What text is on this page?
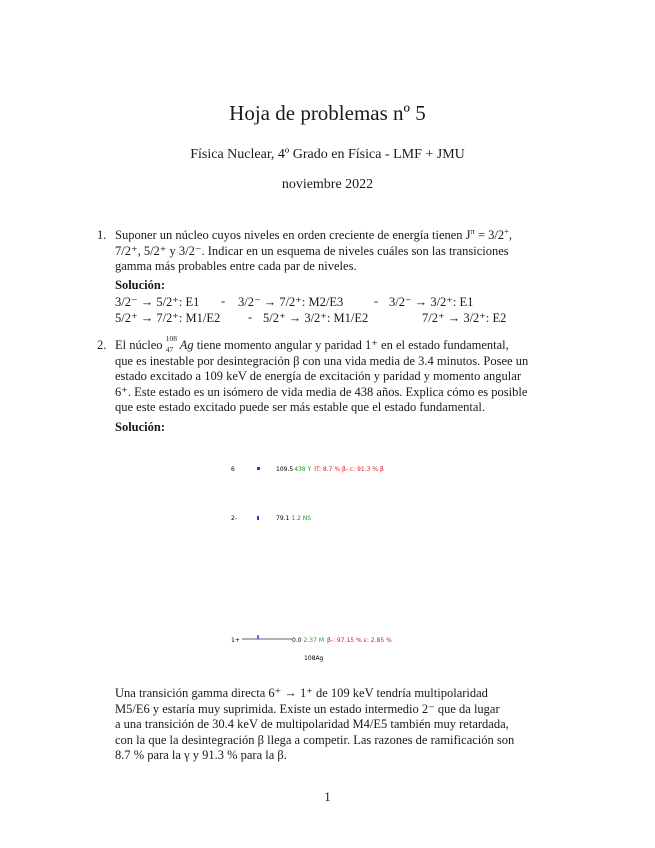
Hoja de problemas nº 5
Física Nuclear, 4º Grado en Física - LMF + JMU
noviembre 2022
1. Suponer un núcleo cuyos niveles en orden creciente de energía tienen $J^\pi = 3/2^+$,
7/2⁺, 5/2⁺ y 3/2⁻. Indicar en un esquema de niveles cuáles son las transiciones
gamma más probables entre cada par de niveles.
Solución:
3/2⁻ → 5/2⁺: E1 - 3/2⁻ → 7/2⁺: M2/E3 - 3/2⁻ → 3/2⁺: E1
5/2⁺ → 7/2⁺: M1/E2 - 5/2⁺ → 3/2⁺: M1/E2	7/2⁺ → 3/2⁺: E2
2. El núcleo 108
47 Ag tiene momento angular y paridad 1⁺ en el estado fundamental,
que es inestable por desintegración β con una vida media de 3.4 minutos. Posee un
estado excitado a 109 keV de energía de excitación y paridad y momento angular
6⁺. Este estado es un isómero de vida media de 438 años. Explica cómo es posible
que este estado excitado puede ser más estable que el estado fundamental.
Solución:
6	109.5438 Y IT: 8.7 % β- c: 91.3 % β
2-	79.1 1.2 NS
1+	0.0 2.37 M β-: 97.15 % ε: 2.85 %
108Ag
Una transición gamma directa 6⁺ → 1⁺ de 109 keV tendría multipolaridad
M5/E6 y estaría muy suprimida. Existe un estado intermedio 2⁻ que da lugar
a una transición de 30.4 keV de multipolaridad M4/E5 también muy retardada,
con la que la desintegración β llega a competir. Las razones de ramificación son
8.7 % para la γ y 91.3 % para la β.
1
